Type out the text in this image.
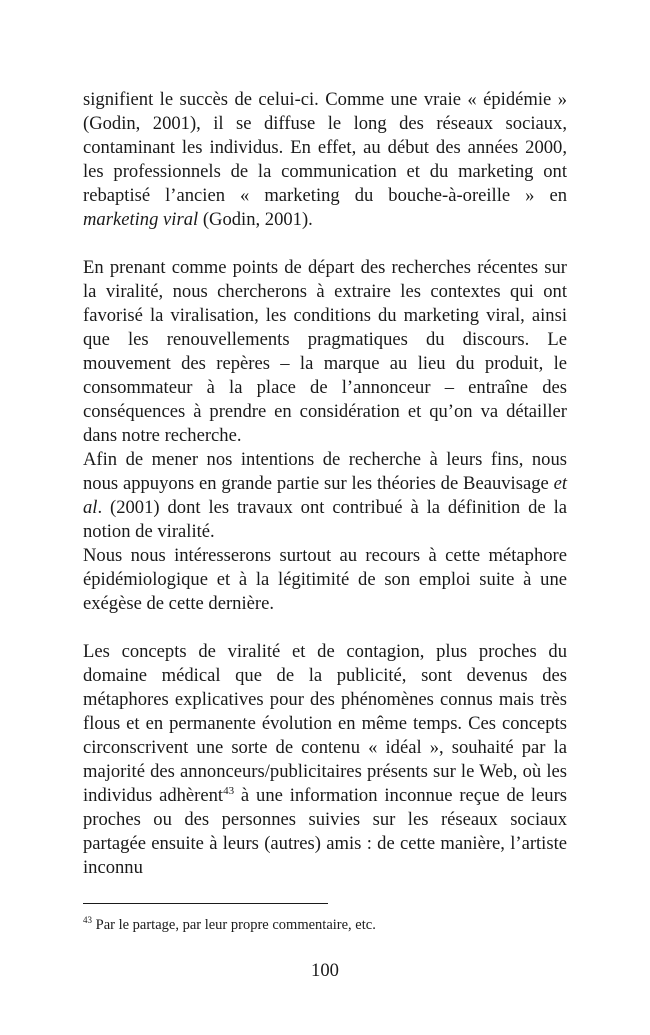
signifient le succès de celui-ci. Comme une vraie « épidémie » (Godin, 2001), il se diffuse le long des réseaux sociaux, contaminant les individus. En effet, au début des années 2000, les professionnels de la communication et du marketing ont rebaptisé l’ancien « marketing du bouche-à-oreille » en marketing viral (Godin, 2001).

En prenant comme points de départ des recherches récentes sur la viralité, nous chercherons à extraire les contextes qui ont favorisé la viralisation, les conditions du marketing viral, ainsi que les renouvellements pragmatiques du discours. Le mouvement des repères – la marque au lieu du produit, le consommateur à la place de l’annonceur – entraîne des conséquences à prendre en considération et qu’on va détailler dans notre recherche.

Afin de mener nos intentions de recherche à leurs fins, nous nous appuyons en grande partie sur les théories de Beauvisage et al. (2001) dont les travaux ont contribué à la définition de la notion de viralité.

Nous nous intéresserons surtout au recours à cette métaphore épidémiologique et à la légitimité de son emploi suite à une exégèse de cette dernière.

Les concepts de viralité et de contagion, plus proches du domaine médical que de la publicité, sont devenus des métaphores explicatives pour des phénomènes connus mais très flous et en permanente évolution en même temps. Ces concepts circonscrivent une sorte de contenu « idéal », souhaité par la majorité des annonceurs/publicitaires présents sur le Web, où les individus adhèrent$^{43}$ à une information inconnue reçue de leurs proches ou des personnes suivies sur les réseaux sociaux partagée ensuite à leurs (autres) amis : de cette manière, l’artiste inconnu

$^{43}$ Par le partage, par leur propre commentaire, etc.
100
